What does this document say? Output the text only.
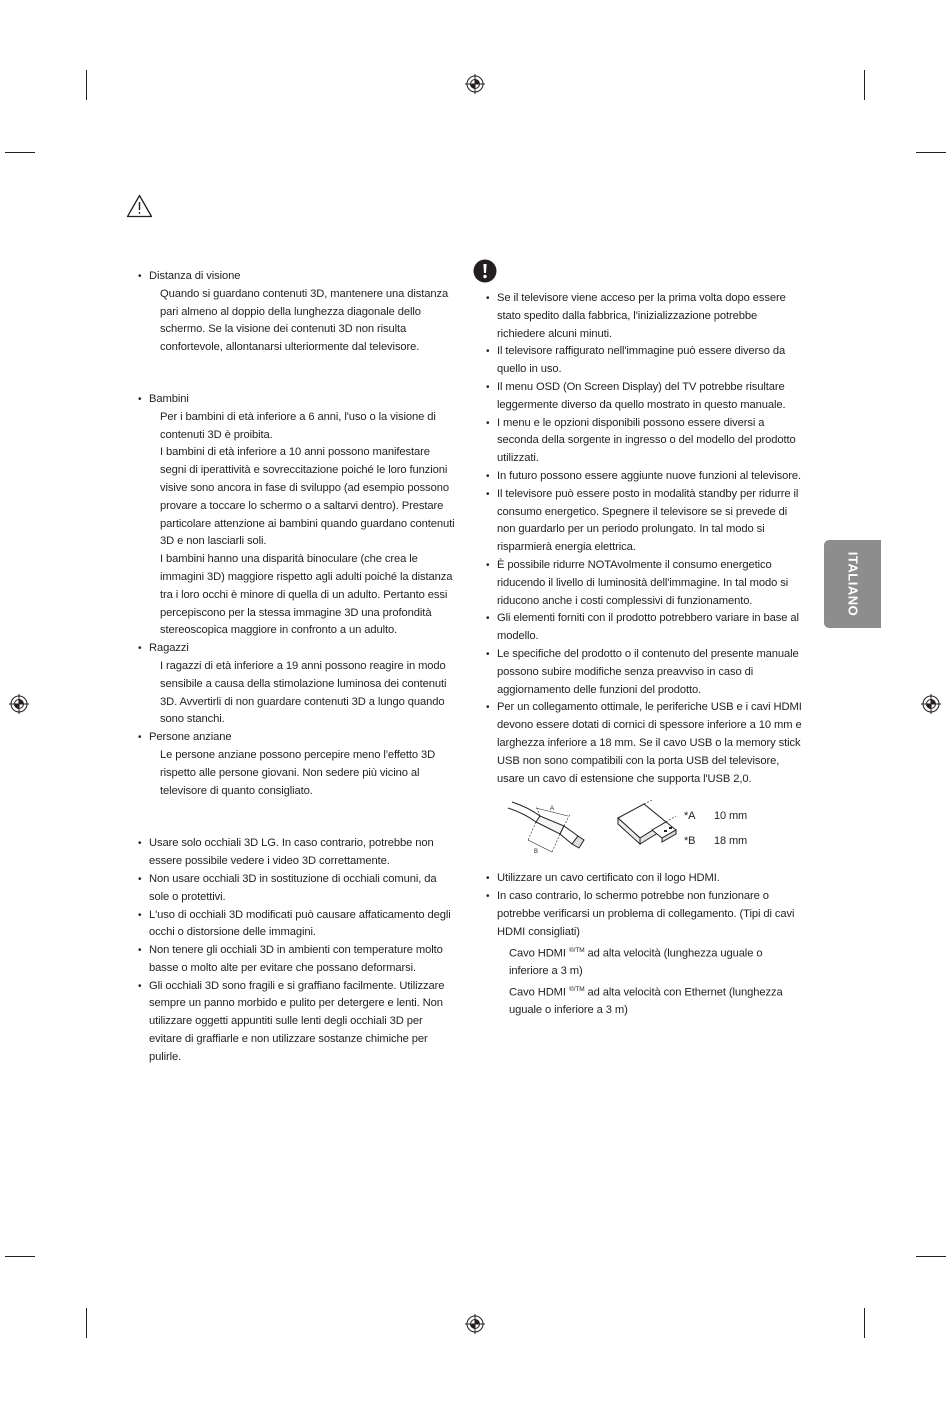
ITALIANO
• Distanza di visione
Quando si guardano contenuti 3D, mantenere una distanza pari almeno al doppio della lunghezza diagonale dello schermo. Se la visione dei contenuti 3D non risulta confortevole, allontanarsi ulteriormente dal televisore.
• Bambini
Per i bambini di età inferiore a 6 anni, l'uso o la visione di contenuti 3D è proibita.
I bambini di età inferiore a 10 anni possono manifestare segni di iperattività e sovreccitazione poiché le loro funzioni visive sono ancora in fase di sviluppo (ad esempio possono provare a toccare lo schermo o a saltarvi dentro). Prestare particolare attenzione ai bambini quando guardano contenuti 3D e non lasciarli soli.
I bambini hanno una disparità binoculare (che crea le immagini 3D) maggiore rispetto agli adulti poiché la distanza tra i loro occhi è minore di quella di un adulto. Pertanto essi percepiscono per la stessa immagine 3D una profondità stereoscopica maggiore in confronto a un adulto.
• Ragazzi
I ragazzi di età inferiore a 19 anni possono reagire in modo sensibile a causa della stimolazione luminosa dei contenuti 3D. Avvertirli di non guardare contenuti 3D a lungo quando sono stanchi.
• Persone anziane
Le persone anziane possono percepire meno l'effetto 3D rispetto alle persone giovani. Non sedere più vicino al televisore di quanto consigliato.
• Usare solo occhiali 3D LG. In caso contrario, potrebbe non essere possibile vedere i video 3D correttamente.
• Non usare occhiali 3D in sostituzione di occhiali comuni, da sole o protettivi.
• L'uso di occhiali 3D modificati può causare affaticamento degli occhi o distorsione delle immagini.
• Non tenere gli occhiali 3D in ambienti con temperature molto basse o molto alte per evitare che possano deformarsi.
• Gli occhiali 3D sono fragili e si graffiano facilmente. Utilizzare sempre un panno morbido e pulito per detergere e lenti. Non utilizzare oggetti appuntiti sulle lenti degli occhiali 3D per evitare di graffiarle e non utilizzare sostanze chimiche per pulirle.
• Se il televisore viene acceso per la prima volta dopo essere stato spedito dalla fabbrica, l'inizializzazione potrebbe richiedere alcuni minuti.
• Il televisore raffigurato nell'immagine può essere diverso da quello in uso.
• Il menu OSD (On Screen Display) del TV potrebbe risultare leggermente diverso da quello mostrato in questo manuale.
• I menu e le opzioni disponibili possono essere diversi a seconda della sorgente in ingresso o del modello del prodotto utilizzati.
• In futuro possono essere aggiunte nuove funzioni al televisore.
• Il televisore può essere posto in modalità standby per ridurre il consumo energetico. Spegnere il televisore se si prevede di non guardarlo per un periodo prolungato. In tal modo si risparmierà energia elettrica.
• È possibile ridurre NOTAvolmente il consumo energetico riducendo il livello di luminosità dell'immagine. In tal modo si riducono anche i costi complessivi di funzionamento.
• Gli elementi forniti con il prodotto potrebbero variare in base al modello.
• Le specifiche del prodotto o il contenuto del presente manuale possono subire modifiche senza preavviso in caso di aggiornamento delle funzioni del prodotto.
• Per un collegamento ottimale, le periferiche USB e i cavi HDMI devono essere dotati di cornici di spessore inferiore a 10 mm e larghezza inferiore a 18 mm. Se il cavo USB o la memory stick USB non sono compatibili con la porta USB del televisore, usare un cavo di estensione che supporta l'USB 2,0.
A
B
*A 10 mm
*B 18 mm
• Utilizzare un cavo certificato con il logo HDMI.
• In caso contrario, lo schermo potrebbe non funzionare o potrebbe verificarsi un problema di collegamento. (Tipi di cavi HDMI consigliati)
Cavo HDMI $^{®/TM}$ ad alta velocità (lunghezza uguale o inferiore a 3 m)
Cavo HDMI $^{®/TM}$ ad alta velocità con Ethernet (lunghezza uguale o inferiore a 3 m)
